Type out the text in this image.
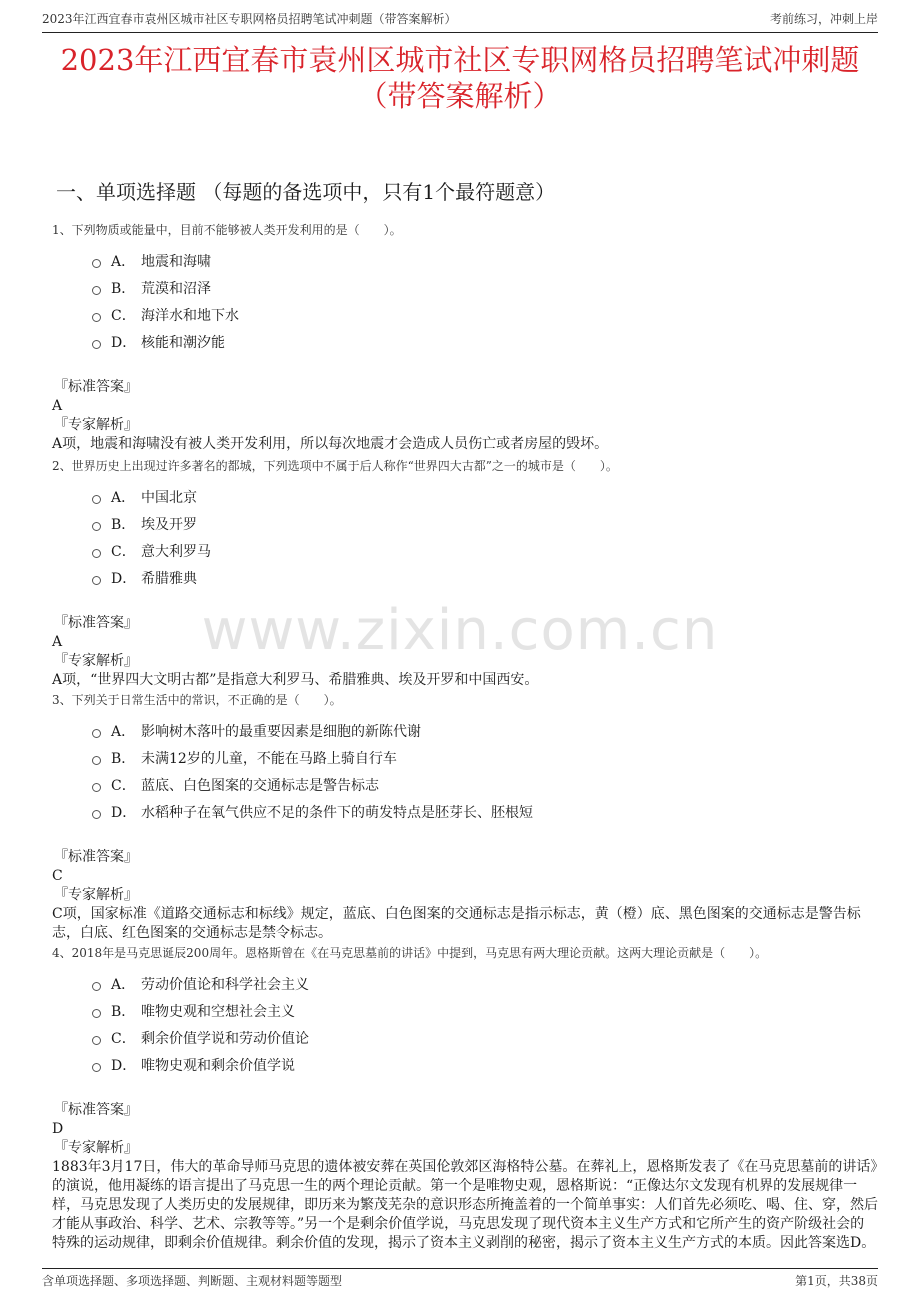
2023年江西宜春市袁州区城市社区专职网格员招聘笔试冲刺题（带答案解析）	考前练习，冲刺上岸
2023年江西宜春市袁州区城市社区专职网格员招聘笔试冲刺题
（带答案解析）
一、单项选择题 （每题的备选项中，只有1个最符题意）
www.zixin.com.cn
1、下列物质或能量中，目前不能够被人类开发利用的是（　　）。
A． 地震和海啸
B． 荒漠和沼泽
C． 海洋水和地下水
D． 核能和潮汐能
『标准答案』
A
『专家解析』
A项，地震和海啸没有被人类开发利用，所以每次地震才会造成人员伤亡或者房屋的毁坏。
2、世界历史上出现过许多著名的都城，下列选项中不属于后人称作“世界四大古都”之一的城市是（　　）。
A． 中国北京
B． 埃及开罗
C． 意大利罗马
D． 希腊雅典
『标准答案』
A
『专家解析』
A项，“世界四大文明古都”是指意大利罗马、希腊雅典、埃及开罗和中国西安。
3、下列关于日常生活中的常识，不正确的是（　　）。
A． 影响树木落叶的最重要因素是细胞的新陈代谢
B． 未满12岁的儿童，不能在马路上骑自行车
C． 蓝底、白色图案的交通标志是警告标志
D． 水稻种子在氧气供应不足的条件下的萌发特点是胚芽长、胚根短
『标准答案』
C
『专家解析』
C项，国家标准《道路交通标志和标线》规定，蓝底、白色图案的交通标志是指示标志，黄（橙）底、黑色图案的交通标志是警告标志，白底、红色图案的交通标志是禁令标志。
4、2018年是马克思诞辰200周年。恩格斯曾在《在马克思墓前的讲话》中提到，马克思有两大理论贡献。这两大理论贡献是（　　）。
A． 劳动价值论和科学社会主义
B． 唯物史观和空想社会主义
C． 剩余价值学说和劳动价值论
D． 唯物史观和剩余价值学说
『标准答案』
D
『专家解析』
1883年3月17日，伟大的革命导师马克思的遗体被安葬在英国伦敦郊区海格特公墓。在葬礼上，恩格斯发表了《在马克思墓前的讲话》的演说，他用凝练的语言提出了马克思一生的两个理论贡献。第一个是唯物史观，恩格斯说：“正像达尔文发现有机界的发展规律一样，马克思发现了人类历史的发展规律，即历来为繁茂芜杂的意识形态所掩盖着的一个简单事实：人们首先必须吃、喝、住、穿，然后才能从事政治、科学、艺术、宗教等等。”另一个是剩余价值学说，马克思发现了现代资本主义生产方式和它所产生的资产阶级社会的特殊的运动规律，即剩余价值规律。剩余价值的发现，揭示了资本主义剥削的秘密，揭示了资本主义生产方式的本质。因此答案选D。
含单项选择题、多项选择题、判断题、主观材料题等题型	第1页，共38页
